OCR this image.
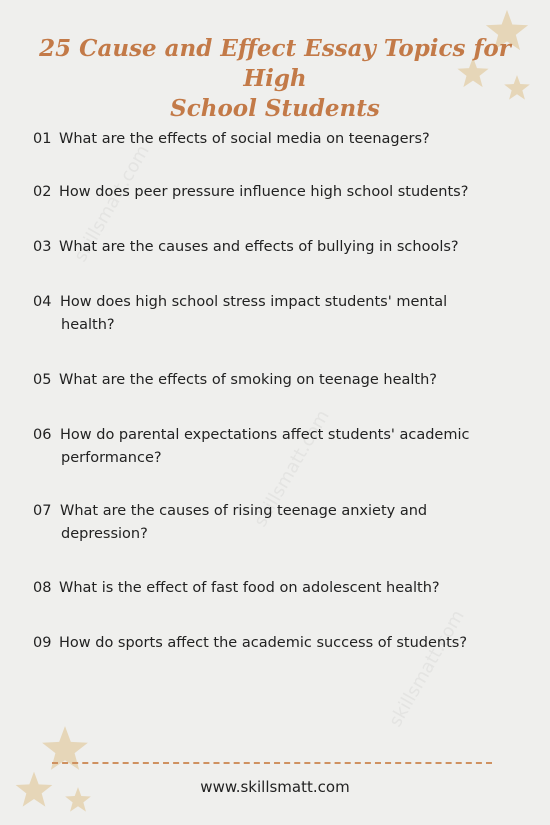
skillsmatt.com
skillsmatt.com
skillsmatt.com
25 Cause and Effect Essay Topics for High
School Students
01 What are the effects of social media on teenagers?
02 How does peer pressure influence high school students?
03 What are the causes and effects of bullying in schools?
04 How does high school stress impact students' mental health?
05 What are the effects of smoking on teenage health?
06 How do parental expectations affect students' academic performance?
07 What are the causes of rising teenage anxiety and depression?
08 What is the effect of fast food on adolescent health?
09 How do sports affect the academic success of students?
www.skillsmatt.com
